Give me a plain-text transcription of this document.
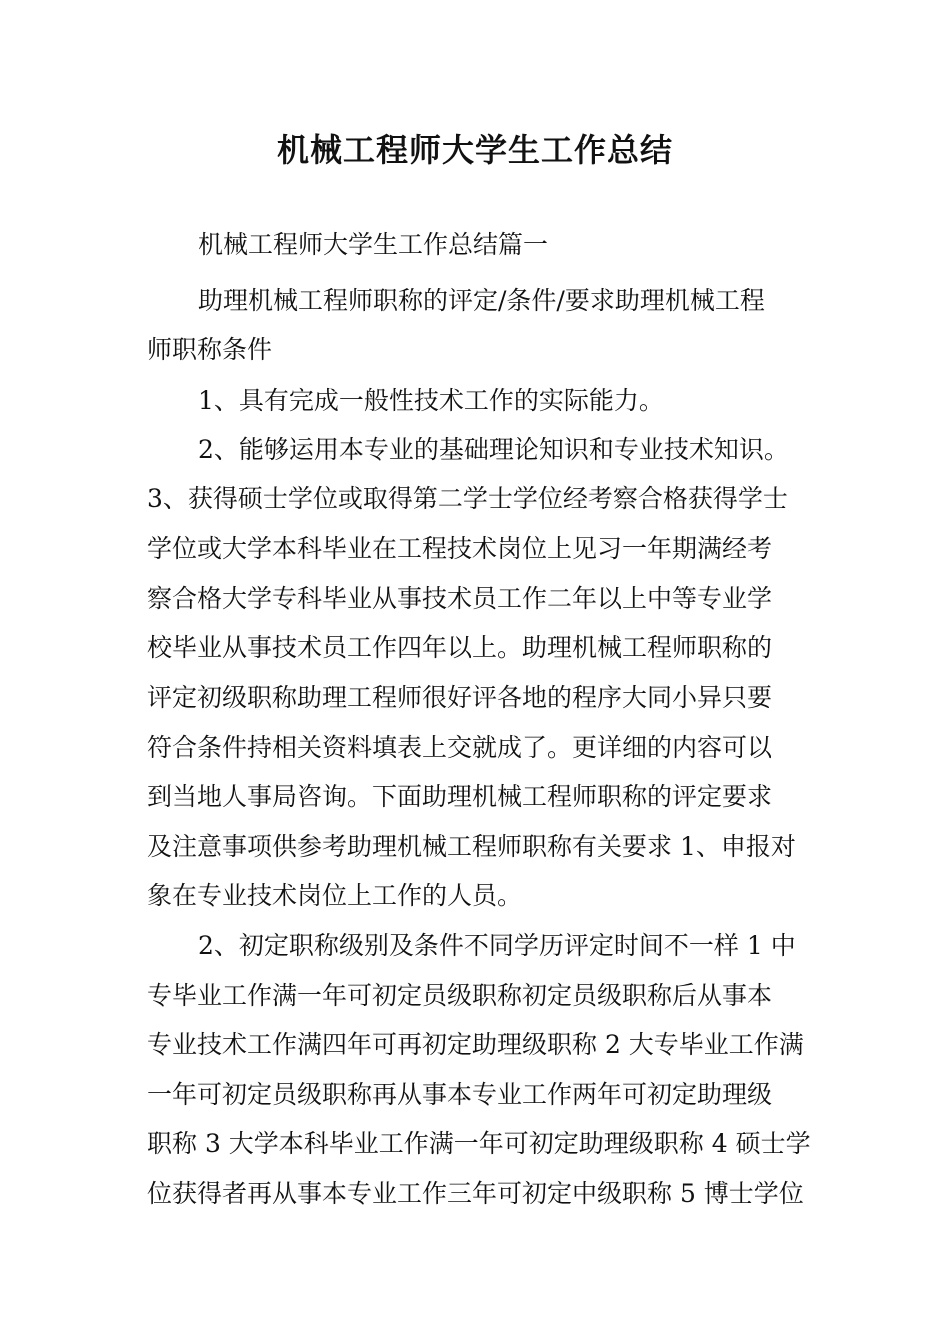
机械工程师大学生工作总结
机械工程师大学生工作总结篇一
助理机械工程师职称的评定/条件/要求助理机械工程
师职称条件
1、具有完成一般性技术工作的实际能力。
2、能够运用本专业的基础理论知识和专业技术知识。
3、获得硕士学位或取得第二学士学位经考察合格获得学士
学位或大学本科毕业在工程技术岗位上见习一年期满经考
察合格大学专科毕业从事技术员工作二年以上中等专业学
校毕业从事技术员工作四年以上。助理机械工程师职称的
评定初级职称助理工程师很好评各地的程序大同小异只要
符合条件持相关资料填表上交就成了。更详细的内容可以
到当地人事局咨询。下面助理机械工程师职称的评定要求
及注意事项供参考助理机械工程师职称有关要求 1、申报对
象在专业技术岗位上工作的人员。
2、初定职称级别及条件不同学历评定时间不一样 1 中
专毕业工作满一年可初定员级职称初定员级职称后从事本
专业技术工作满四年可再初定助理级职称 2 大专毕业工作满
一年可初定员级职称再从事本专业工作两年可初定助理级
职称 3 大学本科毕业工作满一年可初定助理级职称 4 硕士学
位获得者再从事本专业工作三年可初定中级职称 5 博士学位
